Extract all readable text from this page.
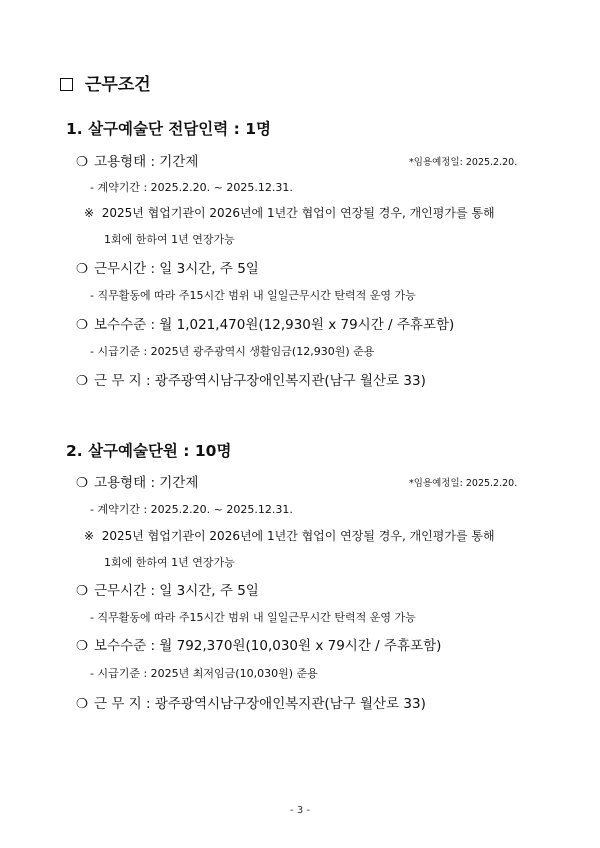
근무조건
1. 살구예술단 전담인력 : 1명
❍ 고용형태 : 기간제	*임용예정일: 2025.2.20.
- 계약기간 : 2025.2.20. ~ 2025.12.31.
※ 2025년 협업기관이 2026년에 1년간 협업이 연장될 경우, 개인평가를 통해
1회에 한하여 1년 연장가능
❍ 근무시간 : 일 3시간, 주 5일
- 직무활동에 따라 주15시간 범위 내 일일근무시간 탄력적 운영 가능
❍ 보수수준 : 월 1,021,470원(12,930원 x 79시간 / 주휴포함)
- 시급기준 : 2025년 광주광역시 생활임금(12,930원) 준용
❍ 근 무 지 : 광주광역시남구장애인복지관(남구 월산로 33)
2. 살구예술단원 : 10명
❍ 고용형태 : 기간제	*임용예정일: 2025.2.20.
- 계약기간 : 2025.2.20. ~ 2025.12.31.
※ 2025년 협업기관이 2026년에 1년간 협업이 연장될 경우, 개인평가를 통해
1회에 한하여 1년 연장가능
❍ 근무시간 : 일 3시간, 주 5일
- 직무활동에 따라 주15시간 범위 내 일일근무시간 탄력적 운영 가능
❍ 보수수준 : 월 792,370원(10,030원 x 79시간 / 주휴포함)
- 시급기준 : 2025년 최저임금(10,030원) 준용
❍ 근 무 지 : 광주광역시남구장애인복지관(남구 월산로 33)
- 3 -
